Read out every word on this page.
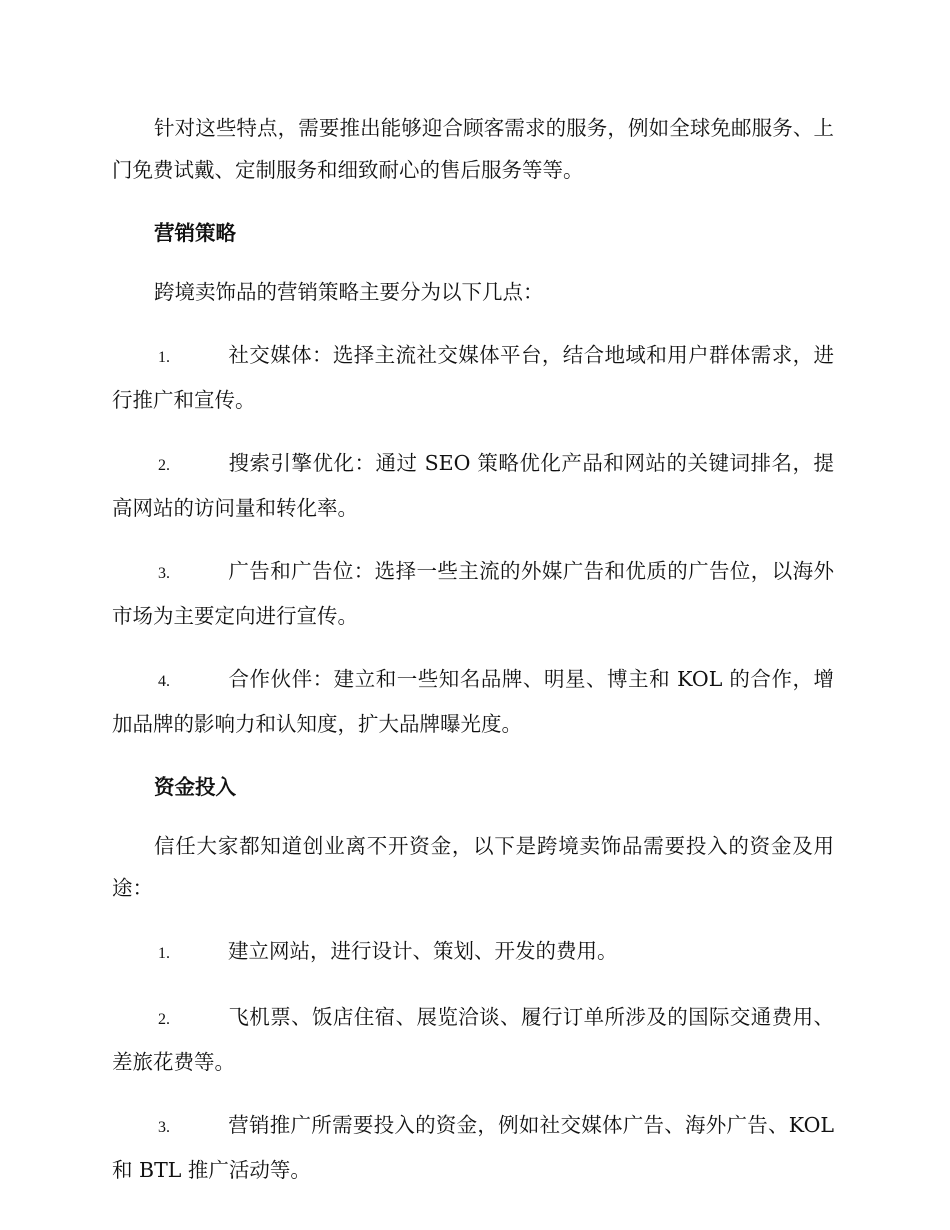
针对这些特点，需要推出能够迎合顾客需求的服务，例如全球免邮服务、上门免费试戴、定制服务和细致耐心的售后服务等等。

营销策略

跨境卖饰品的营销策略主要分为以下几点：

1.	社交媒体：选择主流社交媒体平台，结合地域和用户群体需求，进行推广和宣传。

2.	搜索引擎优化：通过 SEO 策略优化产品和网站的关键词排名，提高网站的访问量和转化率。

3.	广告和广告位：选择一些主流的外媒广告和优质的广告位，以海外市场为主要定向进行宣传。

4.	合作伙伴：建立和一些知名品牌、明星、博主和 KOL 的合作，增加品牌的影响力和认知度，扩大品牌曝光度。

资金投入

信任大家都知道创业离不开资金，以下是跨境卖饰品需要投入的资金及用途：

1.	建立网站，进行设计、策划、开发的费用。

2.	飞机票、饭店住宿、展览洽谈、履行订单所涉及的国际交通费用、差旅花费等。

3.	营销推广所需要投入的资金，例如社交媒体广告、海外广告、KOL 和 BTL 推广活动等。
